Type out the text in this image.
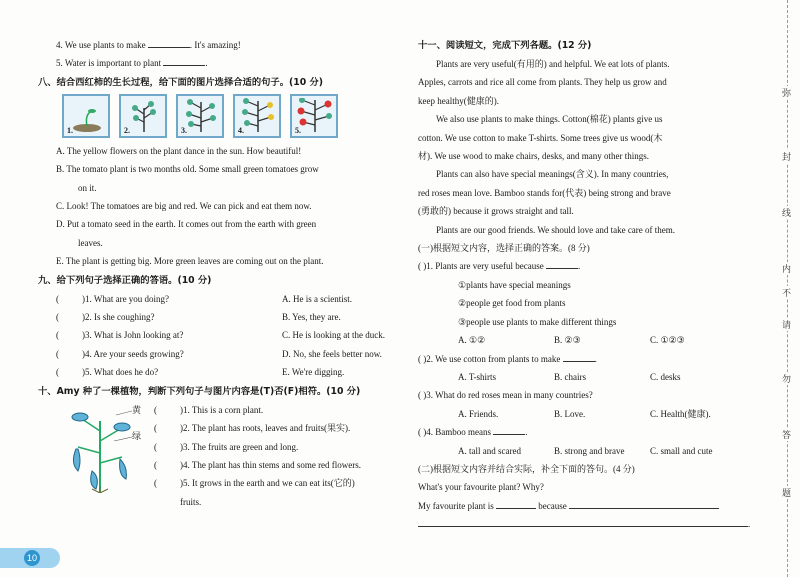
4. We use plants to make	. It's amazing!
5. Water is important to plant	.
八、结合西红柿的生长过程，给下面的图片选择合适的句子。(10 分)
1.	2.	3.	4.	5.
A. The yellow flowers on the plant dance in the sun. How beautiful!
B. The tomato plant is two months old. Some small green tomatoes grow
on it.
C. Look! The tomatoes are big and red. We can pick and eat them now.
D. Put a tomato seed in the earth. It comes out from the earth with green
leaves.
E. The plant is getting big. More green leaves are coming out on the plant.
九、给下列句子选择正确的答语。(10 分)
(	)1. What are you doing?	A. He is a scientist.
(	)2. Is she coughing?	B. Yes, they are.
(	)3. What is John looking at?	C. He is looking at the duck.
(	)4. Are your seeds growing?	D. No, she feels better now.
(	)5. What does he do?	E. We're digging.
十、Amy 种了一棵植物，判断下列句子与图片内容是(T)否(F)相符。(10 分)
黄
绿
(	)1. This is a corn plant.
(	)2. The plant has roots, leaves and fruits(果实).
(	)3. The fruits are green and long.
(	)4. The plant has thin stems and some red flowers.
(	)5. It grows in the earth and we can eat its(它的)
fruits.
十一、阅读短文，完成下列各题。(12 分)
Plants are very useful(有用的) and helpful. We eat lots of plants.
Apples, carrots and rice all come from plants. They help us grow and
keep healthy(健康的).
We also use plants to make things. Cotton(棉花) plants give us
cotton. We use cotton to make T-shirts. Some trees give us wood(木
材). We use wood to make chairs, desks, and many other things.
Plants can also have special meanings(含义). In many countries,
red roses mean love. Bamboo stands for(代表) being strong and brave
(勇敢的) because it grows straight and tall.
Plants are our good friends. We should love and take care of them.
(一)根据短文内容，选择正确的答案。(8 分)
( )1. Plants are very useful because	.
①plants have special meanings
②people get food from plants
③people use plants to make different things
A. ①②	B. ②③	C. ①②③
( )2. We use cotton from plants to make	.
A. T-shirts	B. chairs	C. desks
( )3. What do red roses mean in many countries?
A. Friends.	B. Love.	C. Health(健康).
( )4. Bamboo means	.
A. tall and scared	B. strong and brave	C. small and cute
(二)根据短文内容并结合实际，补全下面的答句。(4 分)
What's your favourite plant? Why?
My favourite plant is	because
.
弥
封
线
内
不
请
勿
答
题
10
